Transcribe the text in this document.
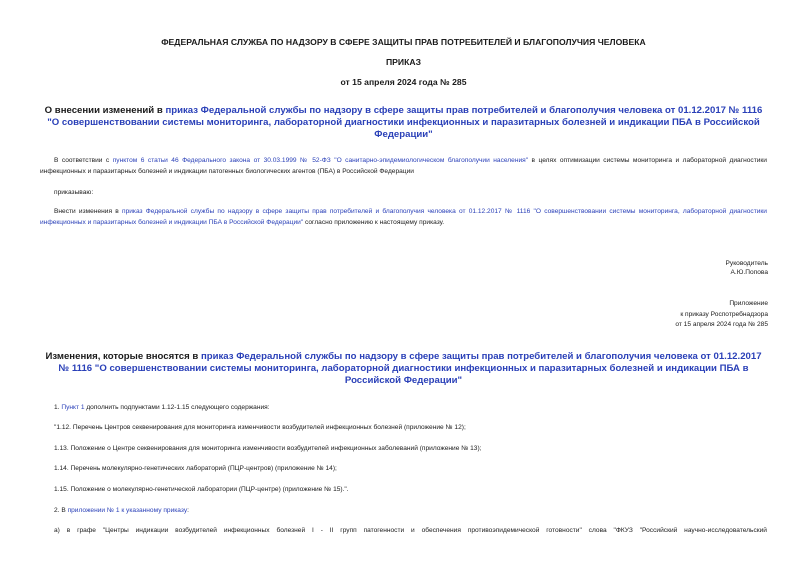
ФЕДЕРАЛЬНАЯ СЛУЖБА ПО НАДЗОРУ В СФЕРЕ ЗАЩИТЫ ПРАВ ПОТРЕБИТЕЛЕЙ И БЛАГОПОЛУЧИЯ ЧЕЛОВЕКА
ПРИКАЗ
от 15 апреля 2024 года № 285
О внесении изменений в приказ Федеральной службы по надзору в сфере защиты прав потребителей и благополучия человека от 01.12.2017 № 1116 "О совершенствовании системы мониторинга, лабораторной диагностики инфекционных и паразитарных болезней и индикации ПБА в Российской Федерации"
В соответствии с пунктом 6 статьи 46 Федерального закона от 30.03.1999 № 52-ФЗ "О санитарно-эпидемиологическом благополучии населения" в целях оптимизации системы мониторинга и лабораторной диагностики инфекционных и паразитарных болезней и индикации патогенных биологических агентов (ПБА) в Российской Федерации
приказываю:
Внести изменения в приказ Федеральной службы по надзору в сфере защиты прав потребителей и благополучия человека от 01.12.2017 № 1116 "О совершенствовании системы мониторинга, лабораторной диагностики инфекционных и паразитарных болезней и индикации ПБА в Российской Федерации" согласно приложению к настоящему приказу.
Руководитель
А.Ю.Попова
Приложение
к приказу Роспотребнадзора
от 15 апреля 2024 года № 285
Изменения, которые вносятся в приказ Федеральной службы по надзору в сфере защиты прав потребителей и благополучия человека от 01.12.2017 № 1116 "О совершенствовании системы мониторинга, лабораторной диагностики инфекционных и паразитарных болезней и индикации ПБА в Российской Федерации"
1. Пункт 1 дополнить подпунктами 1.12-1.15 следующего содержания:
"1.12. Перечень Центров секвенирования для мониторинга изменчивости возбудителей инфекционных болезней (приложение № 12);
1.13. Положение о Центре секвенирования для мониторинга изменчивости возбудителей инфекционных заболеваний (приложение № 13);
1.14. Перечень молекулярно-генетических лабораторий (ПЦР-центров) (приложение № 14);
1.15. Положение о молекулярно-генетической лаборатории (ПЦР-центре) (приложение № 15).".
2. В приложении № 1 к указанному приказу:
а) в графе "Центры индикации возбудителей инфекционных болезней I - II групп патогенности и обеспечения противоэпидемической готовности" слова "ФКУЗ "Российский научно-исследовательский
